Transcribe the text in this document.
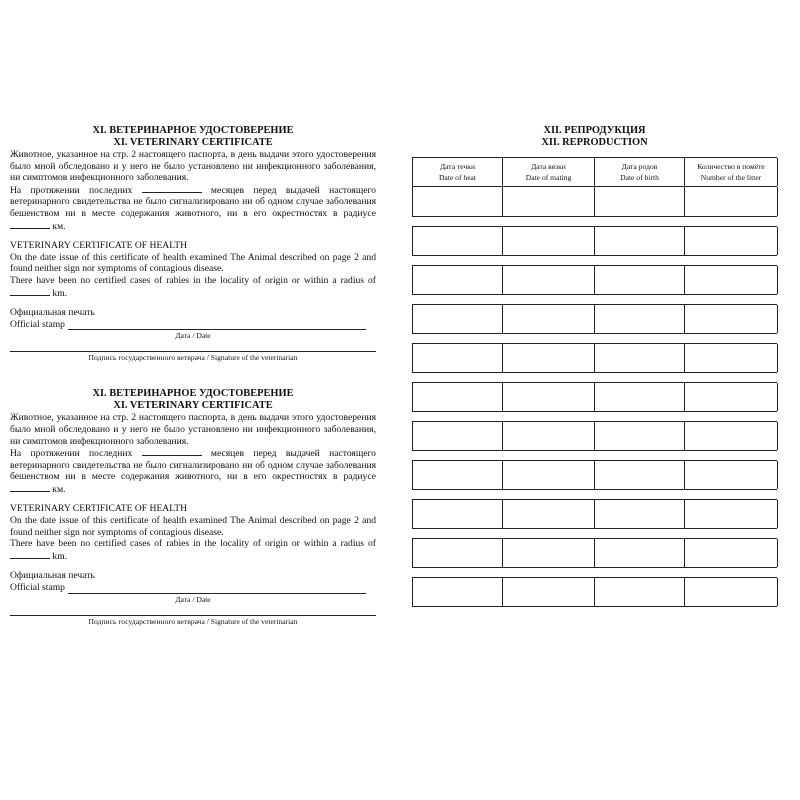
XI. ВЕТЕРИНАРНОЕ УДОСТОВЕРЕНИЕ
XI. VETERINARY CERTIFICATE
Животное, указанное на стр. 2 настоящего паспорта, в день выдачи этого удостоверения было мной обследовано и у него не было установлено ни инфекционного заболевания, ни симптомов инфекционного заболевания.
На протяжении последних	месяцев перед выдачей настоящего ветеринарного свидетельства не было сигнализировано ни об одном случае заболевания бешенством ни в месте содержания животного, ни в его окрестностях в радиусе  км.
VETERINARY CERTIFICATE OF HEALTH
On the date issue of this certificate of health examined The Animal described on page 2 and found neither sign nor symptoms of contagious disease.
There have been no certified cases of rabies in the locality of origin or within a radius of  km.
Официальная печать
Official stamp
Дата / Date
Подпись государственного ветврача / Signature of the veterinarian
XI. ВЕТЕРИНАРНОЕ УДОСТОВЕРЕНИЕ
XI. VETERINARY CERTIFICATE
Животное, указанное на стр. 2 настоящего паспорта, в день выдачи этого удостоверения было мной обследовано и у него не было установлено ни инфекционного заболевания, ни симптомов инфекционного заболевания.
На протяжении последних	месяцев перед выдачей настоящего ветеринарного свидетельства не было сигнализировано ни об одном случае заболевания бешенством ни в месте содержания животного, ни в его окрестностях в радиусе  км.
VETERINARY CERTIFICATE OF HEALTH
On the date issue of this certificate of health examined The Animal described on page 2 and found neither sign nor symptoms of contagious disease.
There have been no certified cases of rabies in the locality of origin or within a radius of  km.
Официальная печать
Official stamp
Дата / Date
Подпись государственного ветврача / Signature of the veterinarian
XII. РЕПРОДУКЦИЯ
XII. REPRODUCTION
Дата течки
Date of heat
Дата вязки
Date of mating
Дата родов
Date of birth
Количество в помёте
Number of the litter
